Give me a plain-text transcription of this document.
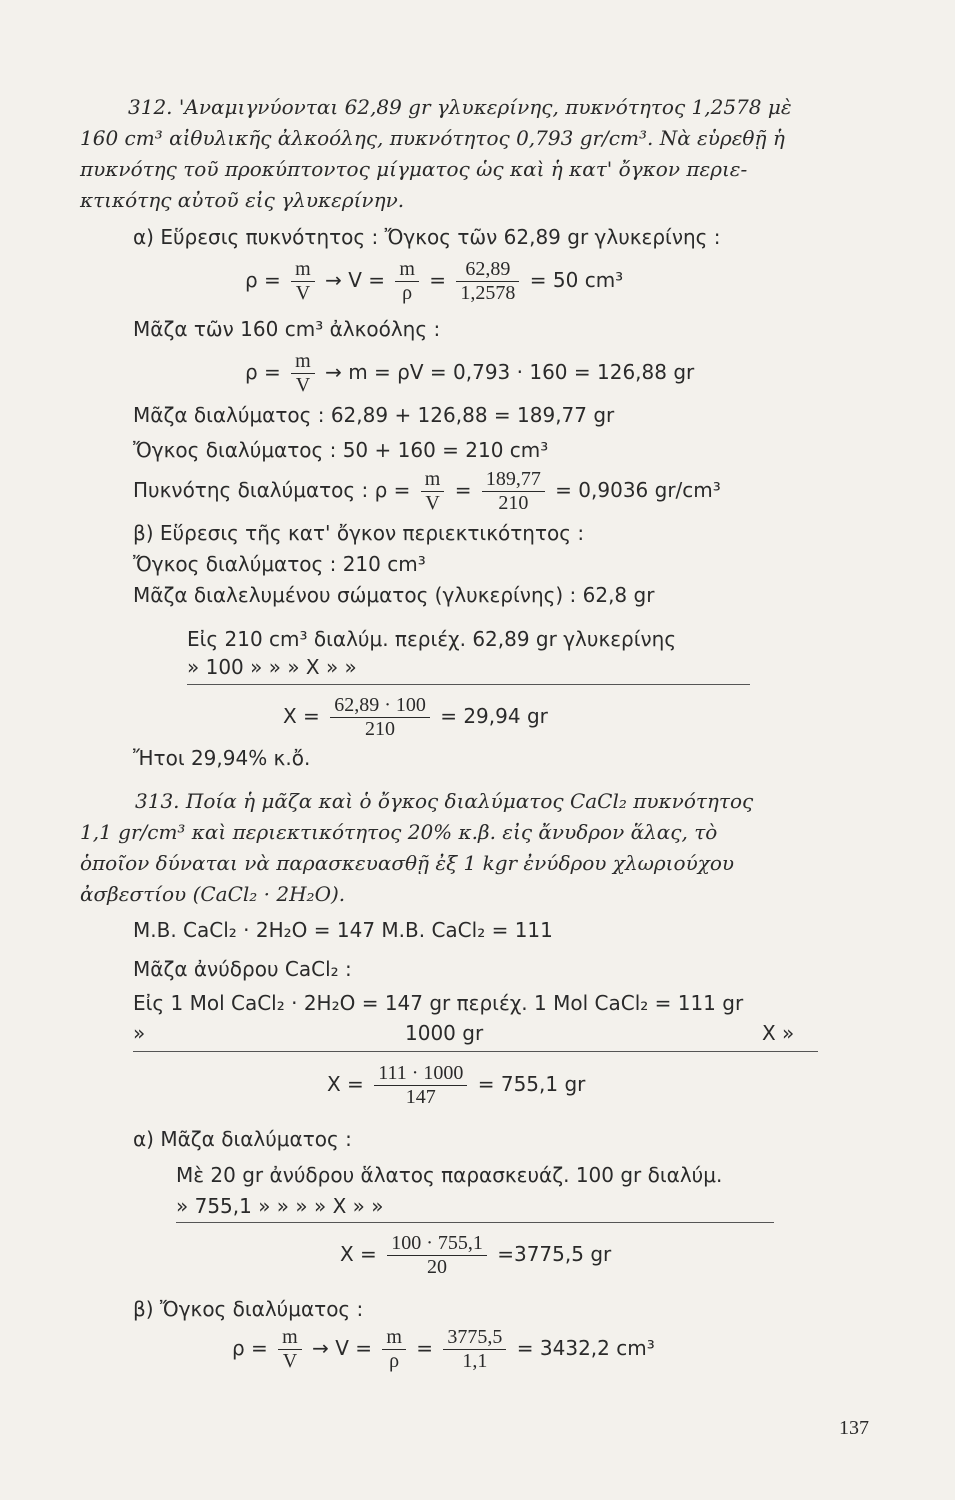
312. 'Αναμιγνύονται 62,89 gr γλυκερίνης, πυκνότητος 1,2578 μὲ
160 cm³ αἰθυλικῆς ἀλκοόλης, πυκνότητος 0,793 gr/cm³. Νὰ εὑρεθῇ ἡ
πυκνότης τοῦ προκύπτοντος μίγματος ὡς καὶ ἡ κατ' ὄγκον περιε-
κτικότης αὐτοῦ εἰς γλυκερίνην.
α) Εὕρεσις πυκνότητος : Ὄγκος τῶν 62,89 gr γλυκερίνης :
$\rho = \frac{m}{V} \to V = \frac{m}{\rho} = \frac{62,89}{1,2578} = 50$ cm³
Μᾶζα τῶν 160 cm³ ἀλκοόλης :
$\rho = \frac{m}{V} \to m = \rho V = 0,793 \cdot 160 = 126,88$ gr
Μᾶζα διαλύματος : 62,89 + 126,88 = 189,77 gr
Ὄγκος διαλύματος : 50 + 160 = 210 cm³
Πυκνότης διαλύματος : $\rho = \frac{m}{V} = \frac{189,77}{210} = 0,9036$ gr/cm³
β) Εὕρεσις τῆς κατ' ὄγκον περιεκτικότητος :
Ὄγκος διαλύματος : 210 cm³
Μᾶζα διαλελυμένου σώματος (γλυκερίνης) : 62,8 gr
Εἰς 210 cm³ διαλύμ. περιέχ. 62,89 gr γλυκερίνης
» 100 » » » X » »
$X = \frac{62,89 \cdot 100}{210} = 29,94$ gr
Ἤτοι 29,94% κ.ὄ.
313. Ποία ἡ μᾶζα καὶ ὁ ὄγκος διαλύματος CaCl₂ πυκνότητος
1,1 gr/cm³ καὶ περιεκτικότητος 20% κ.β. εἰς ἄνυδρον ἅλας, τὸ
ὁποῖον δύναται νὰ παρασκευασθῇ ἐξ 1 kgr ἐνύδρου χλωριούχου
ἀσβεστίου (CaCl₂ · 2H₂O).
M.B. CaCl₂ · 2H₂O = 147 M.B. CaCl₂ = 111
Μᾶζα ἀνύδρου CaCl₂ :
Εἰς 1 Mol CaCl₂ · 2H₂O = 147 gr περιέχ. 1 Mol CaCl₂ = 111 gr
»	1000 gr	X »
$X = \frac{111 \cdot 1000}{147} = 755,1$ gr
α) Μᾶζα διαλύματος :
Μὲ 20 gr ἀνύδρου ἅλατος παρασκευάζ. 100 gr διαλύμ.
» 755,1 » » » » X » »
$X = \frac{100 \cdot 755,1}{20} =3775,5$ gr
β) Ὄγκος διαλύματος :
$\rho = \frac{m}{V} \to V = \frac{m}{\rho} = \frac{3775,5}{1,1} = 3432,2$ cm³
137
